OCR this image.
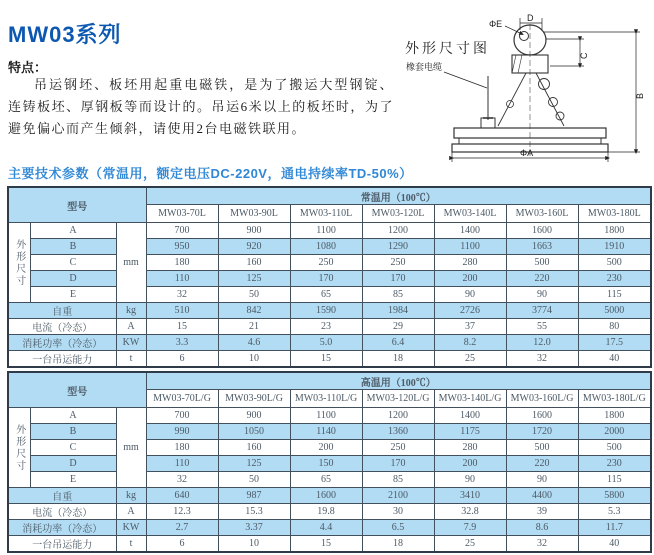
MW03系列
特点：
吊运钢坯、板坯用起重电磁铁，是为了搬运大型钢锭、连铸板坯、厚钢板等而设计的。吊运6米以上的板坯时，为了避免偏心而产生倾斜，请使用2台电磁铁联用。
外形尺寸图
D
ΦE
C
B
ΦA
橡套电缆
主要技术参数（常温用，额定电压DC-220V，通电持续率TD-50%）
型号			常温用（100℃）						
			MW03-70L	MW03-90L	MW03-110L	MW03-120L	MW03-140L	MW03-160L	MW03-180L
外形尺寸	A	mm	700	900	1100	1200	1400	1600	1800
	B		950	920	1080	1290	1100	1663	1910
	C		180	160	250	250	280	500	500
	D		110	125	170	170	200	220	230
	E		32	50	65	85	90	90	115
自重		kg	510	842	1590	1984	2726	3774	5000
电流（冷态）		A	15	21	23	29	37	55	80
消耗功率（冷态）		KW	3.3	4.6	5.0	6.4	8.2	12.0	17.5
一台吊运能力		t	6	10	15	18	25	32	40
型号			高温用（100℃）						
			MW03-70L/G	MW03-90L/G	MW03-110L/G	MW03-120L/G	MW03-140L/G	MW03-160L/G	MW03-180L/G
外形尺寸	A	mm	700	900	1100	1200	1400	1600	1800
	B		990	1050	1140	1360	1175	1720	2000
	C		180	160	200	250	280	500	500
	D		110	125	150	170	200	220	230
	E		32	50	65	85	90	90	115
自重		kg	640	987	1600	2100	3410	4400	5800
电流（冷态）		A	12.3	15.3	19.8	30	32.8	39	5.3
消耗功率（冷态）		KW	2.7	3.37	4.4	6.5	7.9	8.6	11.7
一台吊运能力		t	6	10	15	18	25	32	40
